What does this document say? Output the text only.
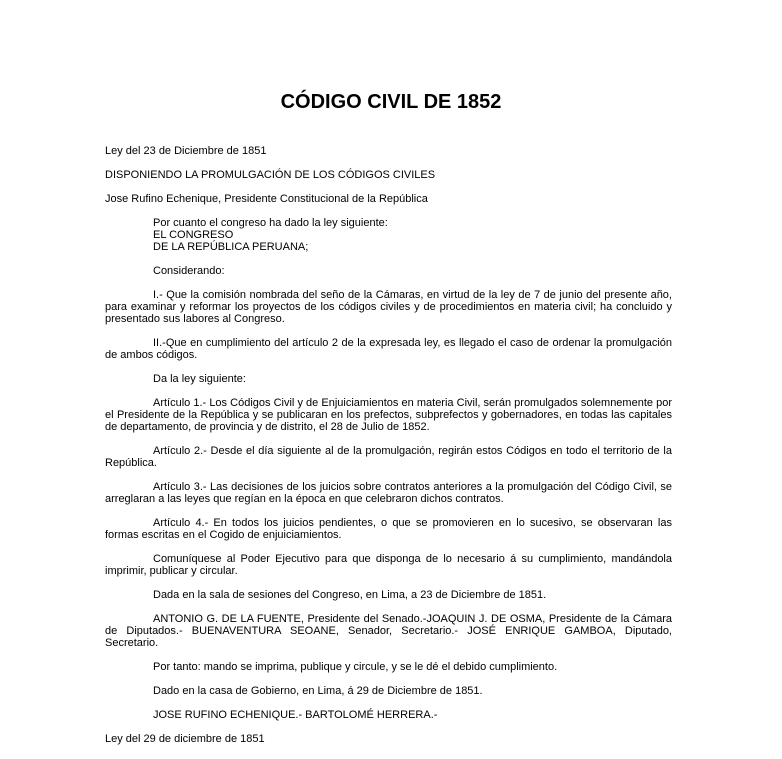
CÓDIGO CIVIL DE 1852
Ley del 23 de Diciembre de 1851
DISPONIENDO LA PROMULGACIÓN DE LOS CÓDIGOS CIVILES
Jose Rufino Echenique, Presidente Constitucional de la República
Por cuanto el congreso ha dado la ley siguiente:
EL CONGRESO
DE LA REPÚBLICA PERUANA;
Considerando:

I.- Que la comisión nombrada del seño de la Cámaras, en virtud de la ley de 7 de junio del presente año, para examinar y reformar los proyectos de los códigos civiles y de procedimientos en materia civil; ha concluido y presentado sus labores al Congreso.

II.-Que en cumplimiento del artículo 2 de la expresada ley, es llegado el caso de ordenar la promulgación de ambos códigos.

Da la ley siguiente:

Artículo 1.- Los Códigos Civil y de Enjuiciamientos en materia Civil, serán promulgados solemnemente por el Presidente de la República y se publicaran en los prefectos, subprefectos y gobernadores, en todas las capitales de departamento, de provincia y de distrito, el 28 de Julio de 1852.

Artículo 2.- Desde el día siguiente al de la promulgación, regirán estos Códigos en todo el territorio de la República.

Artículo 3.- Las decisiones de los juicios sobre contratos anteriores a la promulgación del Código Civil, se arreglaran a las leyes que regían en la época en que celebraron dichos contratos.

Artículo 4.- En todos los juicios pendientes, o que se promovieren en lo sucesivo, se observaran las formas escritas en el Cogido de enjuiciamientos.

Comuníquese al Poder Ejecutivo para que disponga de lo necesario á su cumplimiento, mandándola imprimir, publicar y circular.

Dada en la sala de sesiones del Congreso, en Lima, a 23 de Diciembre de 1851.

ANTONIO G. DE LA FUENTE, Presidente del Senado.-JOAQUIN J. DE OSMA, Presidente de la Cámara de Diputados.- BUENAVENTURA SEOANE, Senador, Secretario.- JOSÉ ENRIQUE GAMBOA, Diputado, Secretario.

Por tanto: mando se imprima, publique y circule, y se le dé el debido cumplimiento.

Dado en la casa de Gobierno, en Lima, á 29 de Diciembre de 1851.

JOSE RUFINO ECHENIQUE.- BARTOLOMÉ HERRERA.-

Ley del 29 de diciembre de 1851
